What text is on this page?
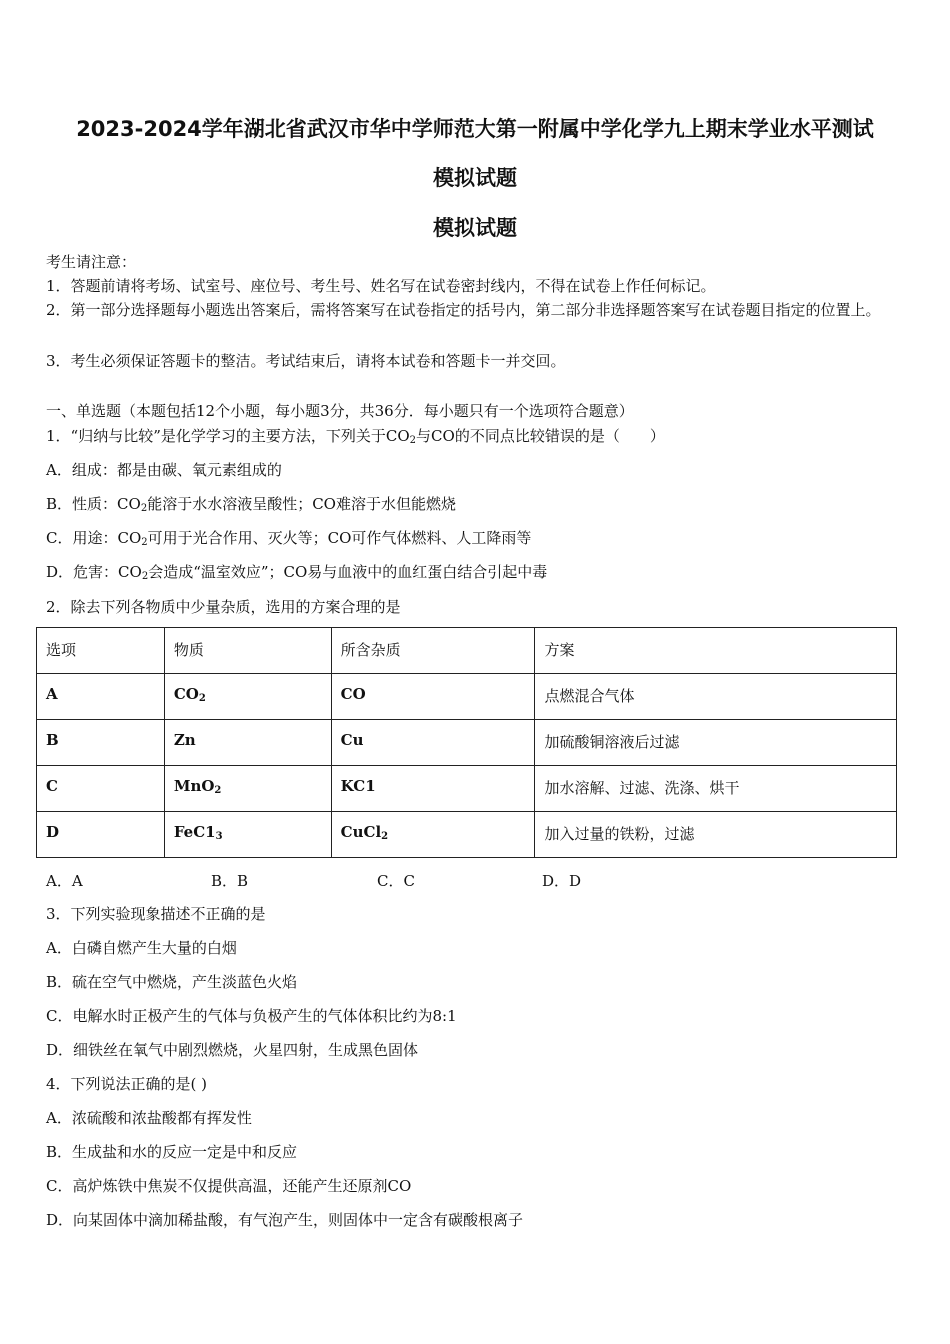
2023-2024学年湖北省武汉市华中学师范大第一附属中学化学九上期末学业水平测试
模拟试题
模拟试题
考生请注意：
1．答题前请将考场、试室号、座位号、考生号、姓名写在试卷密封线内，不得在试卷上作任何标记。
2．第一部分选择题每小题选出答案后，需将答案写在试卷指定的括号内，第二部分非选择题答案写在试卷题目指定的位置上。
3．考生必须保证答题卡的整洁。考试结束后，请将本试卷和答题卡一并交回。
一、单选题（本题包括12个小题，每小题3分，共36分．每小题只有一个选项符合题意）
1．“归纳与比较”是化学学习的主要方法，下列关于$CO_2$与CO的不同点比较错误的是（　　）
A．组成：都是由碳、氧元素组成的
B．性质：$CO_2$能溶于水水溶液呈酸性；CO难溶于水但能燃烧
C．用途：$CO_2$可用于光合作用、灭火等；CO可作气体燃料、人工降雨等
D．危害：$CO_2$会造成“温室效应”；CO易与血液中的血红蛋白结合引起中毒
2．除去下列各物质中少量杂质，选用的方案合理的是
选项	物质	所含杂质	方案
A	$CO_2$	CO	点燃混合气体
B	Zn	Cu	加硫酸铜溶液后过滤
C	MnO$_2$	KC1	加水溶解、过滤、洗涤、烘干
D	$FeC1_3$	CuCl$_2$	加入过量的铁粉，过滤
A．A	B．B	C．C	D．D
3．下列实验现象描述不正确的是
A．白磷自燃产生大量的白烟
B．硫在空气中燃烧，产生淡蓝色火焰
C．电解水时正极产生的气体与负极产生的气体体积比约为8:1
D．细铁丝在氧气中剧烈燃烧，火星四射，生成黑色固体
4．下列说法正确的是( )
A．浓硫酸和浓盐酸都有挥发性
B．生成盐和水的反应一定是中和反应
C．高炉炼铁中焦炭不仅提供高温，还能产生还原剂CO
D．向某固体中滴加稀盐酸，有气泡产生，则固体中一定含有碳酸根离子
